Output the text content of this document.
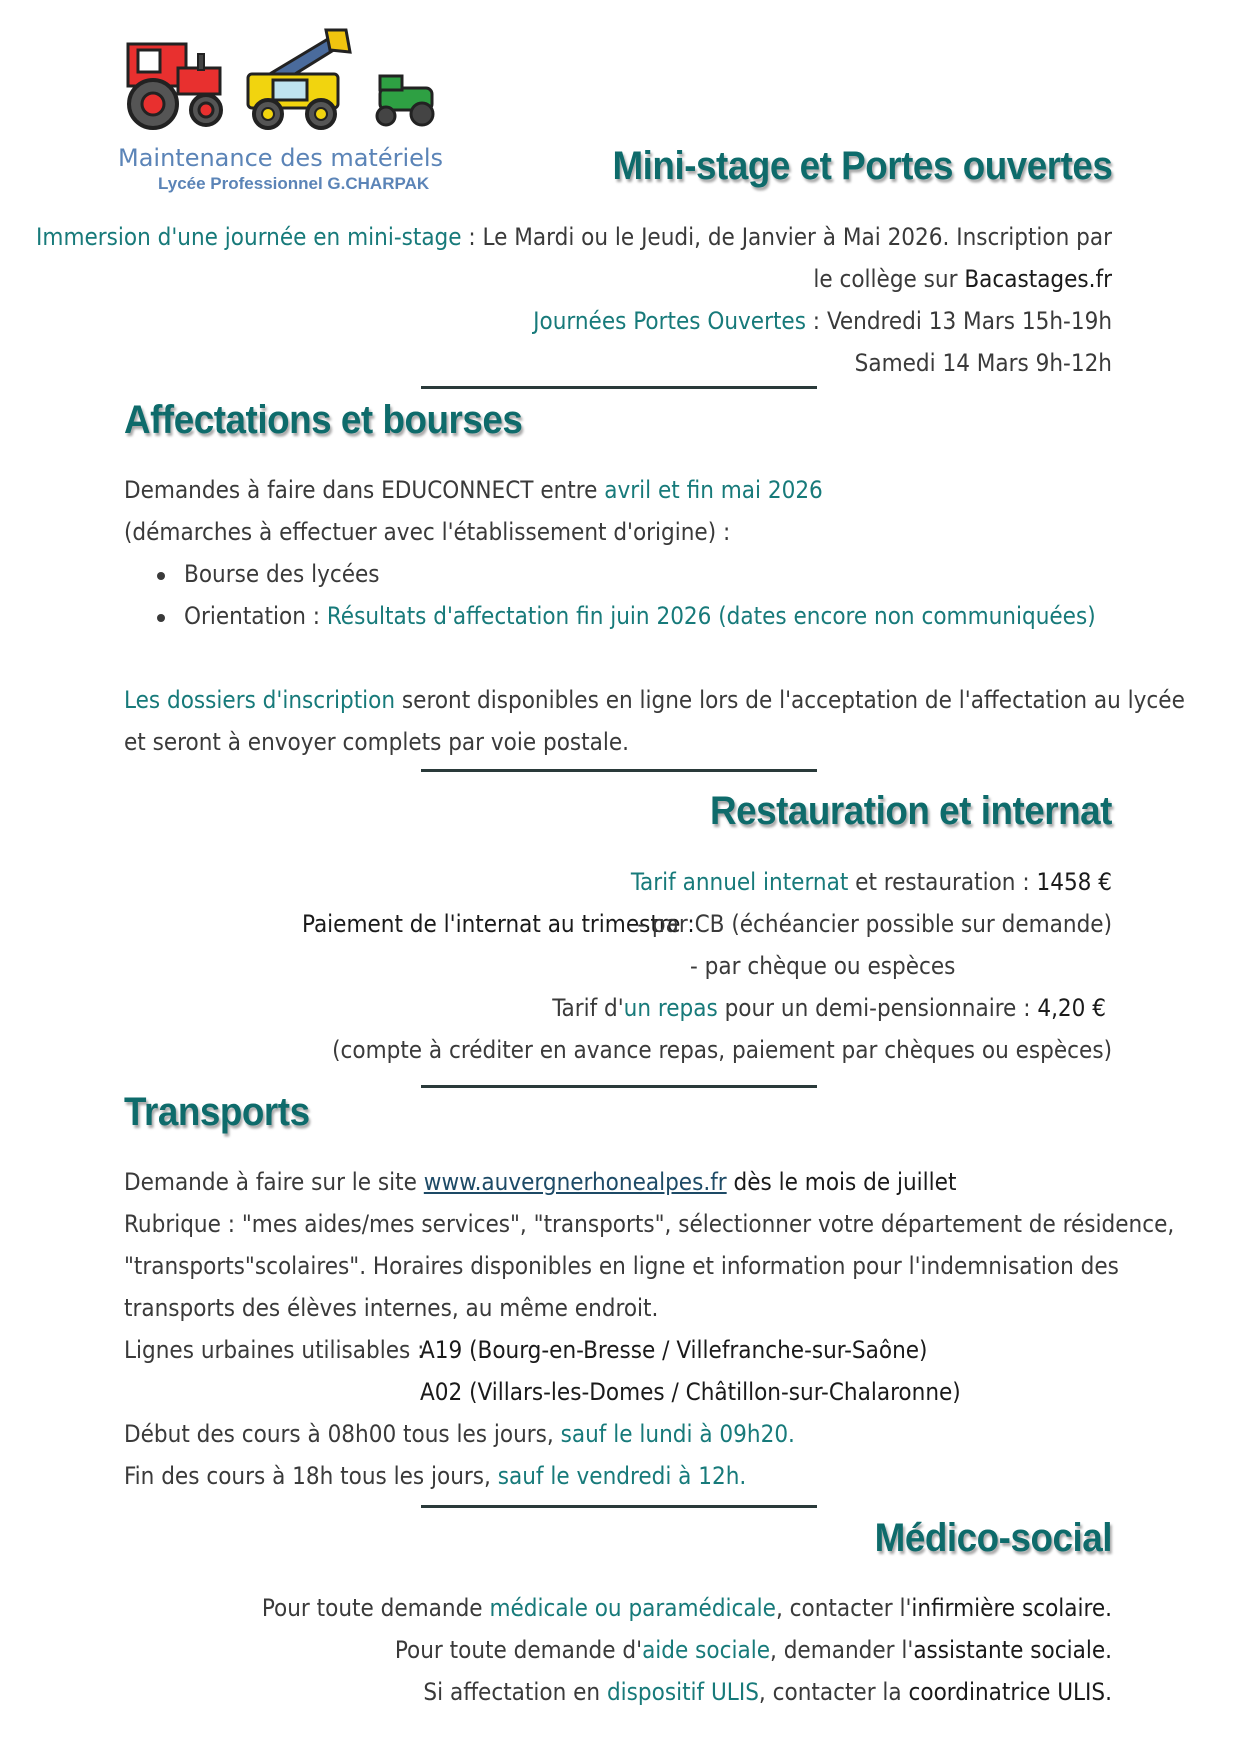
Maintenance des matériels
Lycée Professionnel G.CHARPAK	Mini-stage et Portes ouvertes
Immersion d'une journée en mini-stage : Le Mardi ou le Jeudi, de Janvier à Mai 2026. Inscription par
le collège sur Bacastages.fr
Journées Portes Ouvertes : Vendredi 13 Mars 15h-19h
Samedi 14 Mars 9h-12h
Affectations et bourses
Demandes à faire dans EDUCONNECT entre avril et fin mai 2026
(démarches à effectuer avec l'établissement d'origine) :
Bourse des lycées
Orientation : Résultats d'affectation fin juin 2026 (dates encore non communiquées)
Les dossiers d'inscription seront disponibles en ligne lors de l'acceptation de l'affectation au lycée
et seront à envoyer complets par voie postale.
Restauration et internat
Tarif annuel internat et restauration : 1458 €
Paiement de l'internat au trimestre :
- par CB (échéancier possible sur demande)
- par chèque ou espèces
Tarif d'un repas pour un demi-pensionnaire : 4,20 €
(compte à créditer en avance repas, paiement par chèques ou espèces)
Transports
Demande à faire sur le site www.auvergnerhonealpes.fr dès le mois de juillet
Rubrique : "mes aides/mes services", "transports", sélectionner votre département de résidence,
"transports"scolaires". Horaires disponibles en ligne et information pour l'indemnisation des
transports des élèves internes, au même endroit.
Lignes urbaines utilisables :
A19 (Bourg-en-Bresse / Villefranche-sur-Saône)
A02 (Villars-les-Domes / Châtillon-sur-Chalaronne)
Début des cours à 08h00 tous les jours, sauf le lundi à 09h20.
Fin des cours à 18h tous les jours, sauf le vendredi à 12h.
Médico-social
Pour toute demande médicale ou paramédicale, contacter l'infirmière scolaire.
Pour toute demande d'aide sociale, demander l'assistante sociale.
Si affectation en dispositif ULIS, contacter la coordinatrice ULIS.
